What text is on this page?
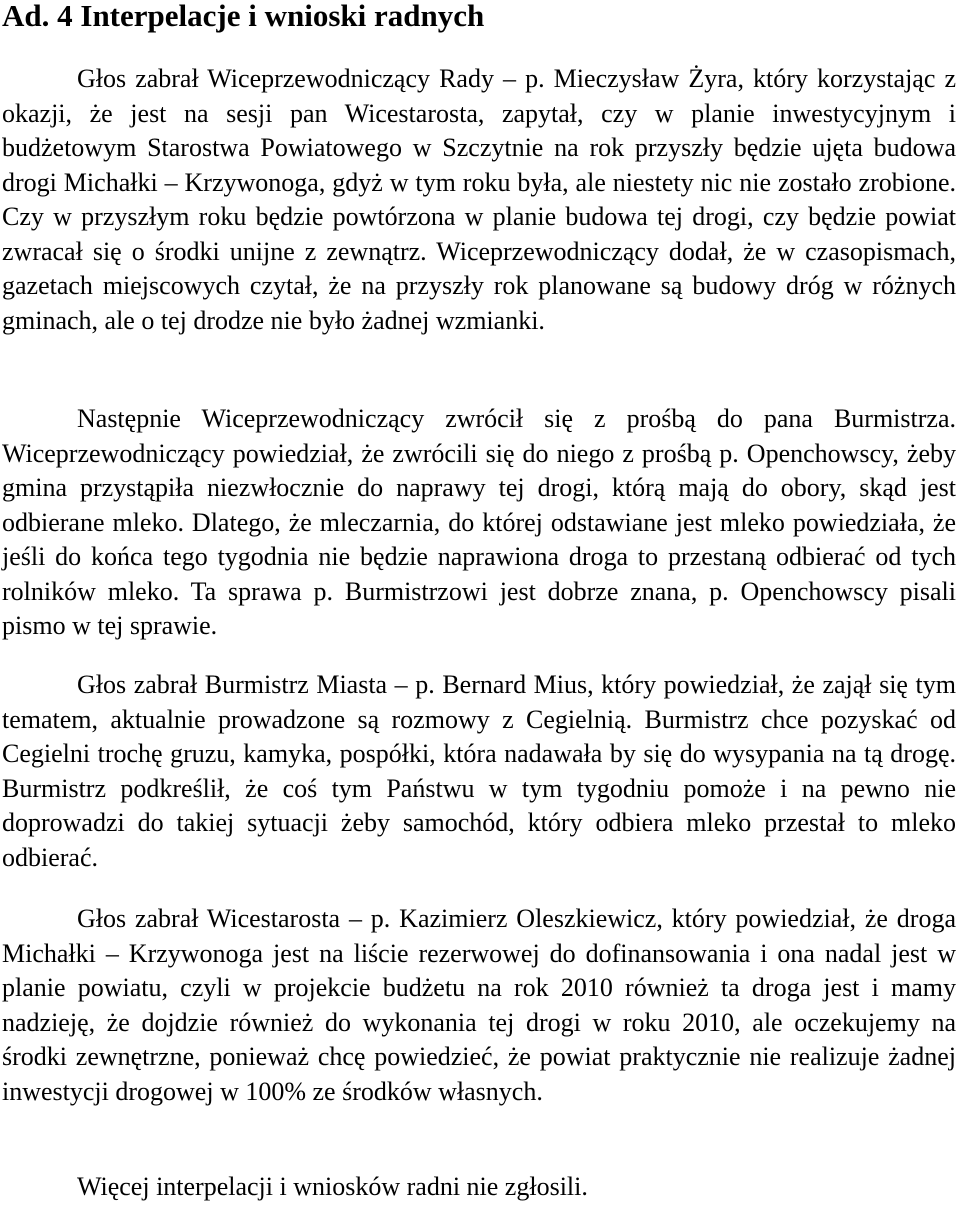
Ad. 4 Interpelacje i wnioski radnych

Głos zabrał Wiceprzewodniczący Rady – p. Mieczysław Żyra, który korzystając z okazji, że jest na sesji pan Wicestarosta, zapytał, czy w planie inwestycyjnym i budżetowym Starostwa Powiatowego w Szczytnie na rok przyszły będzie ujęta budowa drogi Michałki – Krzywonoga, gdyż w tym roku była, ale niestety nic nie zostało zrobione. Czy w przyszłym roku będzie powtórzona w planie budowa tej drogi, czy będzie powiat zwracał się o środki unijne z zewnątrz. Wiceprzewodniczący dodał, że w czasopismach, gazetach miejscowych czytał, że na przyszły rok planowane są budowy dróg w różnych gminach, ale o tej drodze nie było żadnej wzmianki.

Następnie Wiceprzewodniczący zwrócił się z prośbą do pana Burmistrza. Wiceprzewodniczący powiedział, że zwrócili się do niego z prośbą p. Openchowscy, żeby gmina przystąpiła niezwłocznie do naprawy tej drogi, którą mają do obory, skąd jest odbierane mleko. Dlatego, że mleczarnia, do której odstawiane jest mleko powiedziała, że jeśli do końca tego tygodnia nie będzie naprawiona droga to przestaną odbierać od tych rolników mleko. Ta sprawa p. Burmistrzowi jest dobrze znana, p. Openchowscy pisali pismo w tej sprawie.

Głos zabrał Burmistrz Miasta – p. Bernard Mius, który powiedział, że zajął się tym tematem, aktualnie prowadzone są rozmowy z Cegielnią. Burmistrz chce pozyskać od Cegielni trochę gruzu, kamyka, pospółki, która nadawała by się do wysypania na tą drogę. Burmistrz podkreślił, że coś tym Państwu w tym tygodniu pomoże i na pewno nie doprowadzi do takiej sytuacji żeby samochód, który odbiera mleko przestał to mleko odbierać.

Głos zabrał Wicestarosta – p. Kazimierz Oleszkiewicz, który powiedział, że droga Michałki – Krzywonoga jest na liście rezerwowej do dofinansowania i ona nadal jest w planie powiatu, czyli w projekcie budżetu na rok 2010 również ta droga jest i mamy nadzieję, że dojdzie również do wykonania tej drogi w roku 2010, ale oczekujemy na środki zewnętrzne, ponieważ chcę powiedzieć, że powiat praktycznie nie realizuje żadnej inwestycji drogowej w 100% ze środków własnych.

Więcej interpelacji i wniosków radni nie zgłosili.
